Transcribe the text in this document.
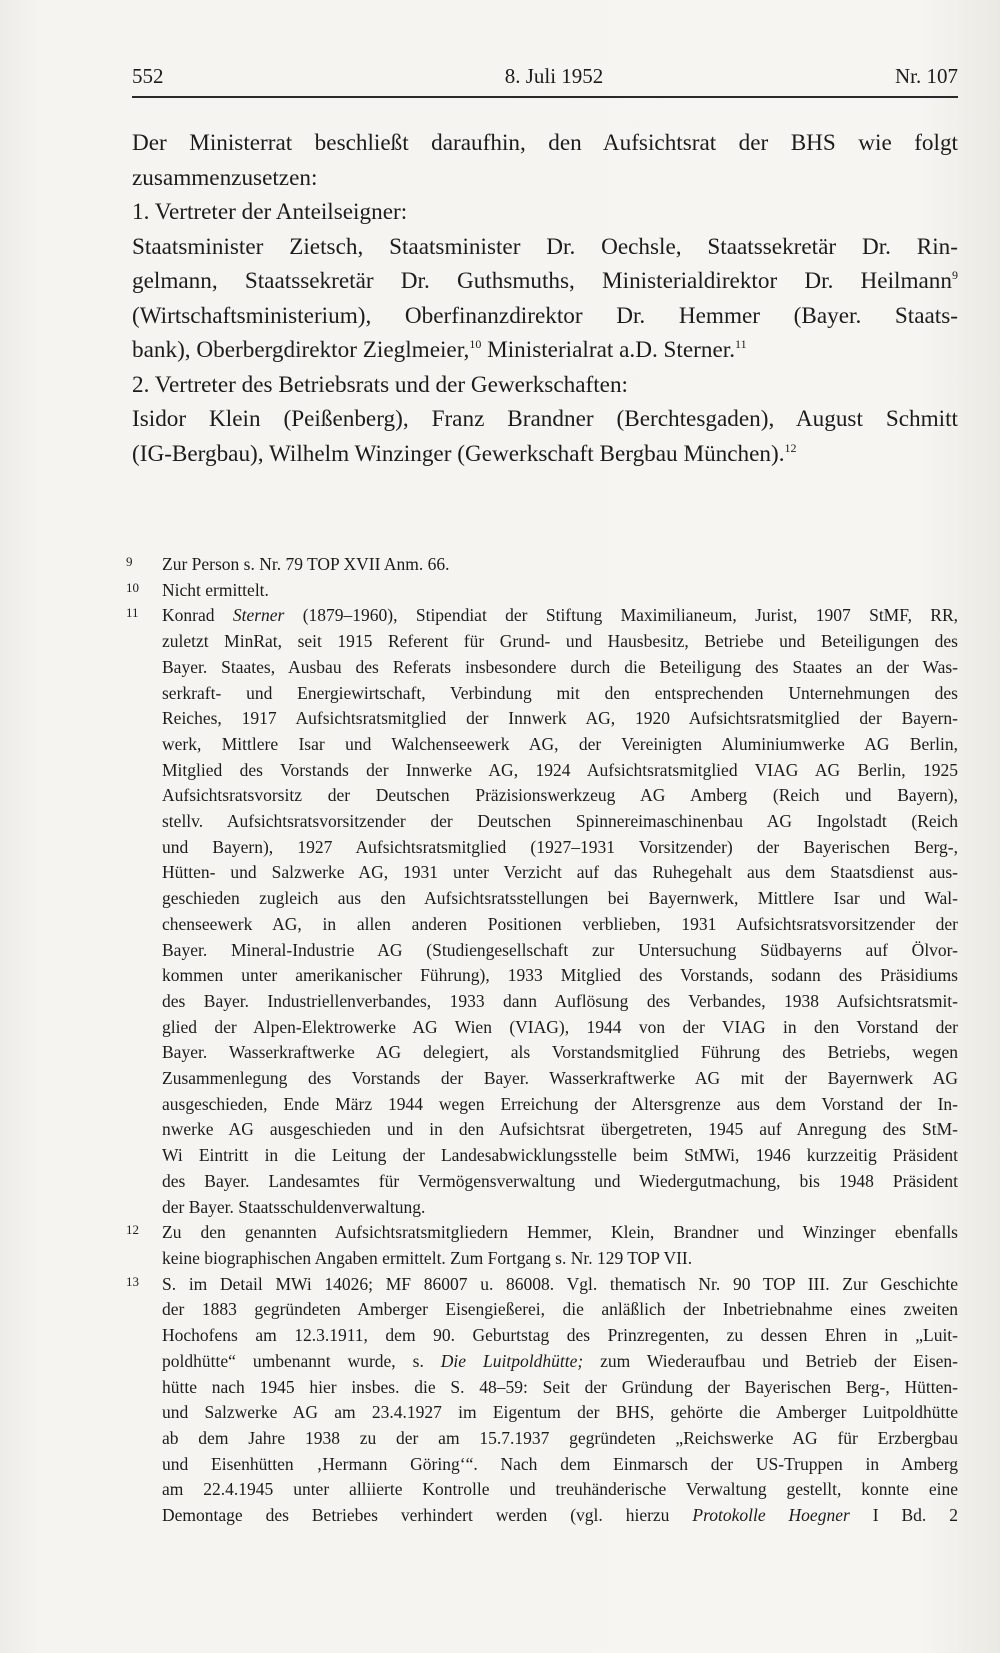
552	8. Juli 1952	Nr. 107

Der Ministerrat beschließt daraufhin, den Aufsichtsrat der BHS wie folgt

zusammenzusetzen:

1. Vertreter der Anteilseigner:

Staatsminister Zietsch, Staatsminister Dr. Oechsle, Staatssekretär Dr. Rin-

gelmann, Staatssekretär Dr. Guthsmuths, Ministerialdirektor Dr. Heilmann$^9$

(Wirtschaftsministerium), Oberfinanzdirektor Dr. Hemmer (Bayer. Staats-

bank), Oberbergdirektor Zieglmeier,$^{10}$ Ministerialrat a.D. Sterner.$^{11}$

2. Vertreter des Betriebsrats und der Gewerkschaften:

Isidor Klein (Peißenberg), Franz Brandner (Berchtesgaden), August Schmitt

(IG-Bergbau), Wilhelm Winzinger (Gewerkschaft Bergbau München).$^{12}$

9 Zur Person s. Nr. 79 TOP XVII Anm. 66.
10 Nicht ermittelt.
11 Konrad Sterner (1879–1960), Stipendiat der Stiftung Maximilianeum, Jurist, 1907 StMF, RR,
zuletzt MinRat, seit 1915 Referent für Grund- und Hausbesitz, Betriebe und Beteiligungen des
Bayer. Staates, Ausbau des Referats insbesondere durch die Beteiligung des Staates an der Was-
serkraft- und Energiewirtschaft, Verbindung mit den entsprechenden Unternehmungen des
Reiches, 1917 Aufsichtsratsmitglied der Innwerk AG, 1920 Aufsichtsratsmitglied der Bayern-
werk, Mittlere Isar und Walchenseewerk AG, der Vereinigten Aluminiumwerke AG Berlin,
Mitglied des Vorstands der Innwerke AG, 1924 Aufsichtsratsmitglied VIAG AG Berlin, 1925
Aufsichtsratsvorsitz der Deutschen Präzisionswerkzeug AG Amberg (Reich und Bayern),
stellv. Aufsichtsratsvorsitzender der Deutschen Spinnereimaschinenbau AG Ingolstadt (Reich
und Bayern), 1927 Aufsichtsratsmitglied (1927–1931 Vorsitzender) der Bayerischen Berg-,
Hütten- und Salzwerke AG, 1931 unter Verzicht auf das Ruhegehalt aus dem Staatsdienst aus-
geschieden zugleich aus den Aufsichtsratsstellungen bei Bayernwerk, Mittlere Isar und Wal-
chenseewerk AG, in allen anderen Positionen verblieben, 1931 Aufsichtsratsvorsitzender der
Bayer. Mineral-Industrie AG (Studiengesellschaft zur Untersuchung Südbayerns auf Ölvor-
kommen unter amerikanischer Führung), 1933 Mitglied des Vorstands, sodann des Präsidiums
des Bayer. Industriellenverbandes, 1933 dann Auflösung des Verbandes, 1938 Aufsichtsratsmit-
glied der Alpen-Elektrowerke AG Wien (VIAG), 1944 von der VIAG in den Vorstand der
Bayer. Wasserkraftwerke AG delegiert, als Vorstandsmitglied Führung des Betriebs, wegen
Zusammenlegung des Vorstands der Bayer. Wasserkraftwerke AG mit der Bayernwerk AG
ausgeschieden, Ende März 1944 wegen Erreichung der Altersgrenze aus dem Vorstand der In-
nwerke AG ausgeschieden und in den Aufsichtsrat übergetreten, 1945 auf Anregung des StM-
Wi Eintritt in die Leitung der Landesabwicklungsstelle beim StMWi, 1946 kurzzeitig Präsident
des Bayer. Landesamtes für Vermögensverwaltung und Wiedergutmachung, bis 1948 Präsident
der Bayer. Staatsschuldenverwaltung.
12 Zu den genannten Aufsichtsratsmitgliedern Hemmer, Klein, Brandner und Winzinger ebenfalls
keine biographischen Angaben ermittelt. Zum Fortgang s. Nr. 129 TOP VII.
13 S. im Detail MWi 14026; MF 86007 u. 86008. Vgl. thematisch Nr. 90 TOP III. Zur Geschichte
der 1883 gegründeten Amberger Eisengießerei, die anläßlich der Inbetriebnahme eines zweiten
Hochofens am 12.3.1911, dem 90. Geburtstag des Prinzregenten, zu dessen Ehren in „Luit-
poldhütte“ umbenannt wurde, s. Die Luitpoldhütte; zum Wiederaufbau und Betrieb der Eisen-
hütte nach 1945 hier insbes. die S. 48–59: Seit der Gründung der Bayerischen Berg-, Hütten-
und Salzwerke AG am 23.4.1927 im Eigentum der BHS, gehörte die Amberger Luitpoldhütte
ab dem Jahre 1938 zu der am 15.7.1937 gegründeten „Reichswerke AG für Erzbergbau
und Eisenhütten ‚Hermann Göring‘“. Nach dem Einmarsch der US-Truppen in Amberg
am 22.4.1945 unter alliierte Kontrolle und treuhänderische Verwaltung gestellt, konnte eine
Demontage des Betriebes verhindert werden (vgl. hierzu Protokolle Hoegner I Bd. 2
